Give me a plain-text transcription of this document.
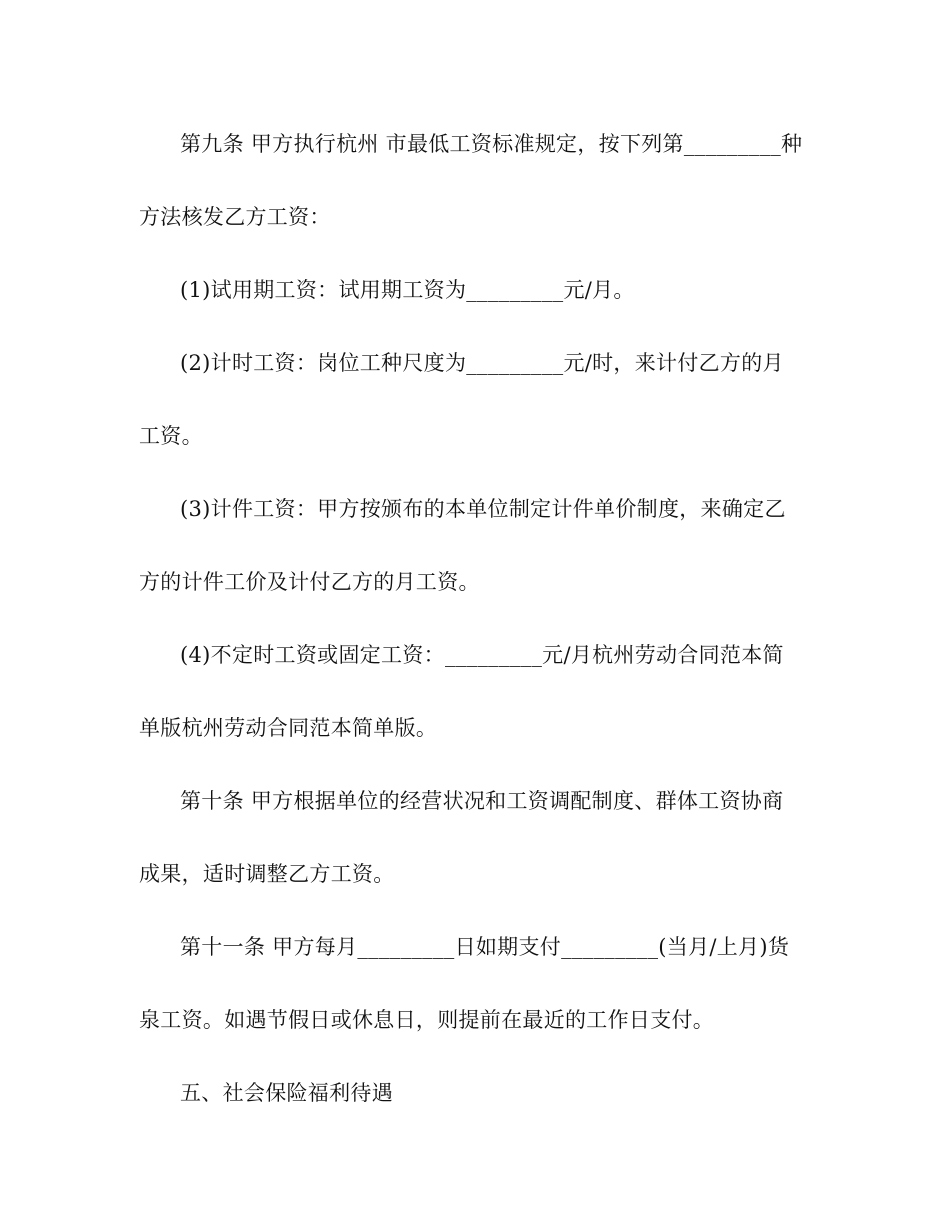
第九条 甲方执行杭州 市最低工资标准规定，按下列第_________种
方法核发乙方工资：
(1)试用期工资：试用期工资为_________元/月。
(2)计时工资：岗位工种尺度为_________元/时，来计付乙方的月
工资。
(3)计件工资：甲方按颁布的本单位制定计件单价制度，来确定乙
方的计件工价及计付乙方的月工资。
(4)不定时工资或固定工资：_________元/月杭州劳动合同范本简
单版杭州劳动合同范本简单版。
第十条 甲方根据单位的经营状况和工资调配制度、群体工资协商
成果，适时调整乙方工资。
第十一条 甲方每月_________日如期支付_________(当月/上月)货
泉工资。如遇节假日或休息日，则提前在最近的工作日支付。
五、社会保险福利待遇
